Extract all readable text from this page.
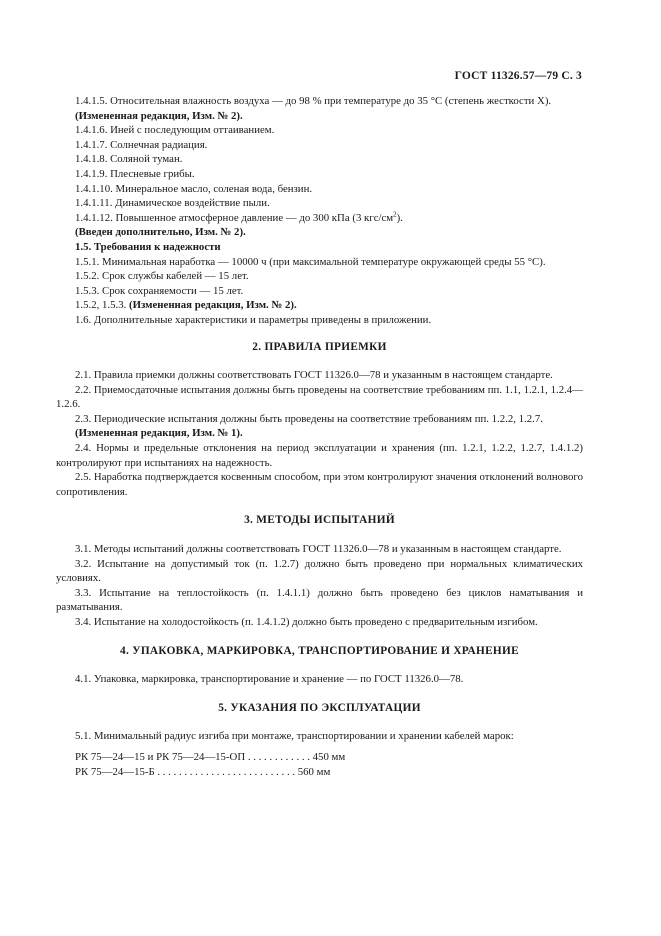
ГОСТ 11326.57—79 С. 3

1.4.1.5. Относительная влажность воздуха — до 98 % при температуре до 35 °С (степень жесткости X).

(Измененная редакция, Изм. № 2).

1.4.1.6. Иней с последующим оттаиванием.

1.4.1.7. Солнечная радиация.

1.4.1.8. Соляной туман.

1.4.1.9. Плесневые грибы.

1.4.1.10. Минеральное масло, соленая вода, бензин.

1.4.1.11. Динамическое воздействие пыли.

1.4.1.12. Повышенное атмосферное давление — до 300 кПа (3 кгс/$см^2$).

(Введен дополнительно, Изм. № 2).

1.5. Требования к надежности

1.5.1. Минимальная наработка — 10000 ч (при максимальной температуре окружающей среды 55 °С).

1.5.2. Срок службы кабелей — 15 лет.

1.5.3. Срок сохраняемости — 15 лет.

1.5.2, 1.5.3. (Измененная редакция, Изм. № 2).

1.6. Дополнительные характеристики и параметры приведены в приложении.

2. ПРАВИЛА ПРИЕМКИ

2.1. Правила приемки должны соответствовать ГОСТ 11326.0—78 и указанным в настоящем стандарте.

2.2. Приемосдаточные испытания должны быть проведены на соответствие требованиям пп. 1.1, 1.2.1, 1.2.4—1.2.6.

2.3. Периодические испытания должны быть проведены на соответствие требованиям пп. 1.2.2, 1.2.7.

(Измененная редакция, Изм. № 1).

2.4. Нормы и предельные отклонения на период эксплуатации и хранения (пп. 1.2.1, 1.2.2, 1.2.7, 1.4.1.2) контролируют при испытаниях на надежность.

2.5. Наработка подтверждается косвенным способом, при этом контролируют значения отклонений волнового сопротивления.

3. МЕТОДЫ ИСПЫТАНИЙ

3.1. Методы испытаний должны соответствовать ГОСТ 11326.0—78 и указанным в настоящем стандарте.

3.2. Испытание на допустимый ток (п. 1.2.7) должно быть проведено при нормальных климатических условиях.

3.3. Испытание на теплостойкость (п. 1.4.1.1) должно быть проведено без циклов наматывания и разматывания.

3.4. Испытание на холодостойкость (п. 1.4.1.2) должно быть проведено с предварительным изгибом.

4. УПАКОВКА, МАРКИРОВКА, ТРАНСПОРТИРОВАНИЕ И ХРАНЕНИЕ

4.1. Упаковка, маркировка, транспортирование и хранение — по ГОСТ 11326.0—78.

5. УКАЗАНИЯ ПО ЭКСПЛУАТАЦИИ

5.1. Минимальный радиус изгиба при монтаже, транспортировании и хранении кабелей марок:

РК 75—24—15 и РК 75—24—15-ОП . . . . . . . . . . . . 450 мм
РК 75—24—15-Б . . . . . . . . . . . . . . . . . . . . . . . . . . 560 мм
